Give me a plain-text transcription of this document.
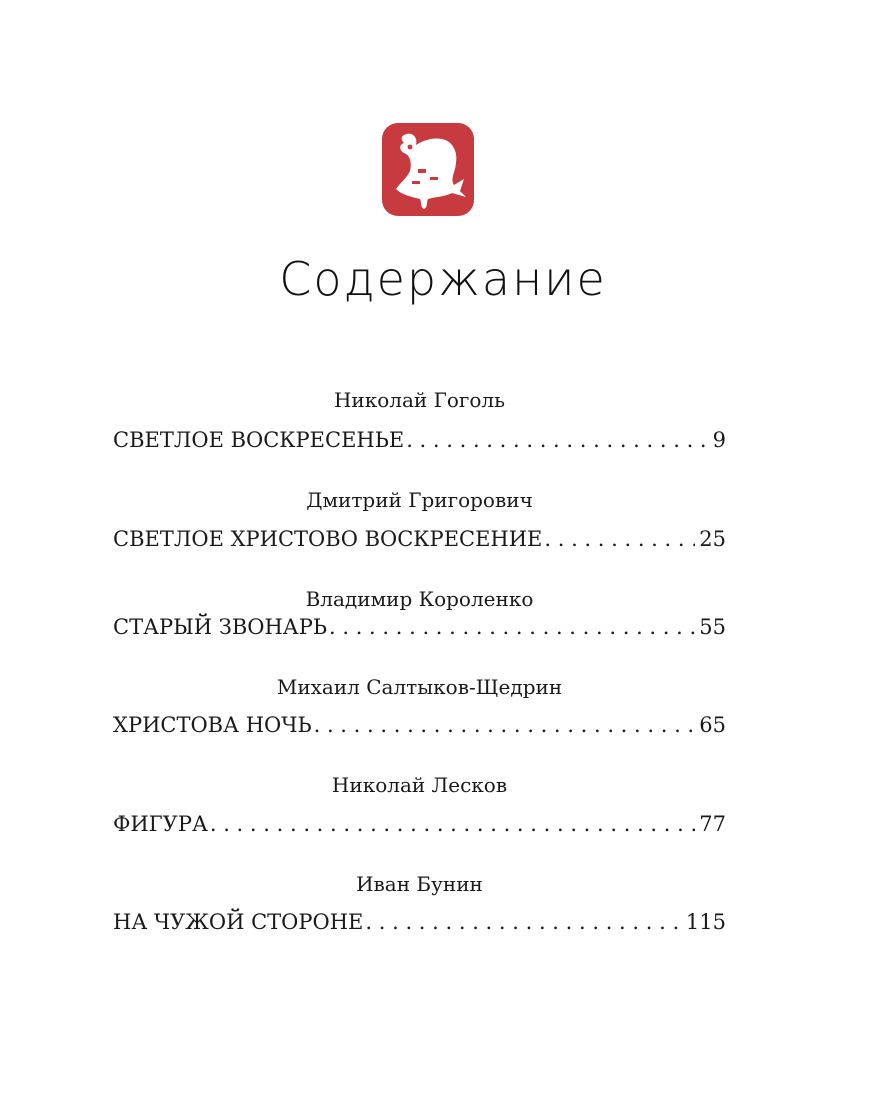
Содержание
Николай Гоголь
СВЕТЛОЕ ВОСКРЕСЕНЬЕ . . .	9
Дмитрий Григорович
СВЕТЛОЕ ХРИСТОВО ВОСКРЕСЕНИЕ . . .	25
Владимир Короленко
СТАРЫЙ ЗВОНАРЬ . . .	55
Михаил Салтыков-Щедрин
ХРИСТОВА НОЧЬ . . .	65
Николай Лесков
ФИГУРА . . .	77
Иван Бунин
НА ЧУЖОЙ СТОРОНЕ . . .	115
